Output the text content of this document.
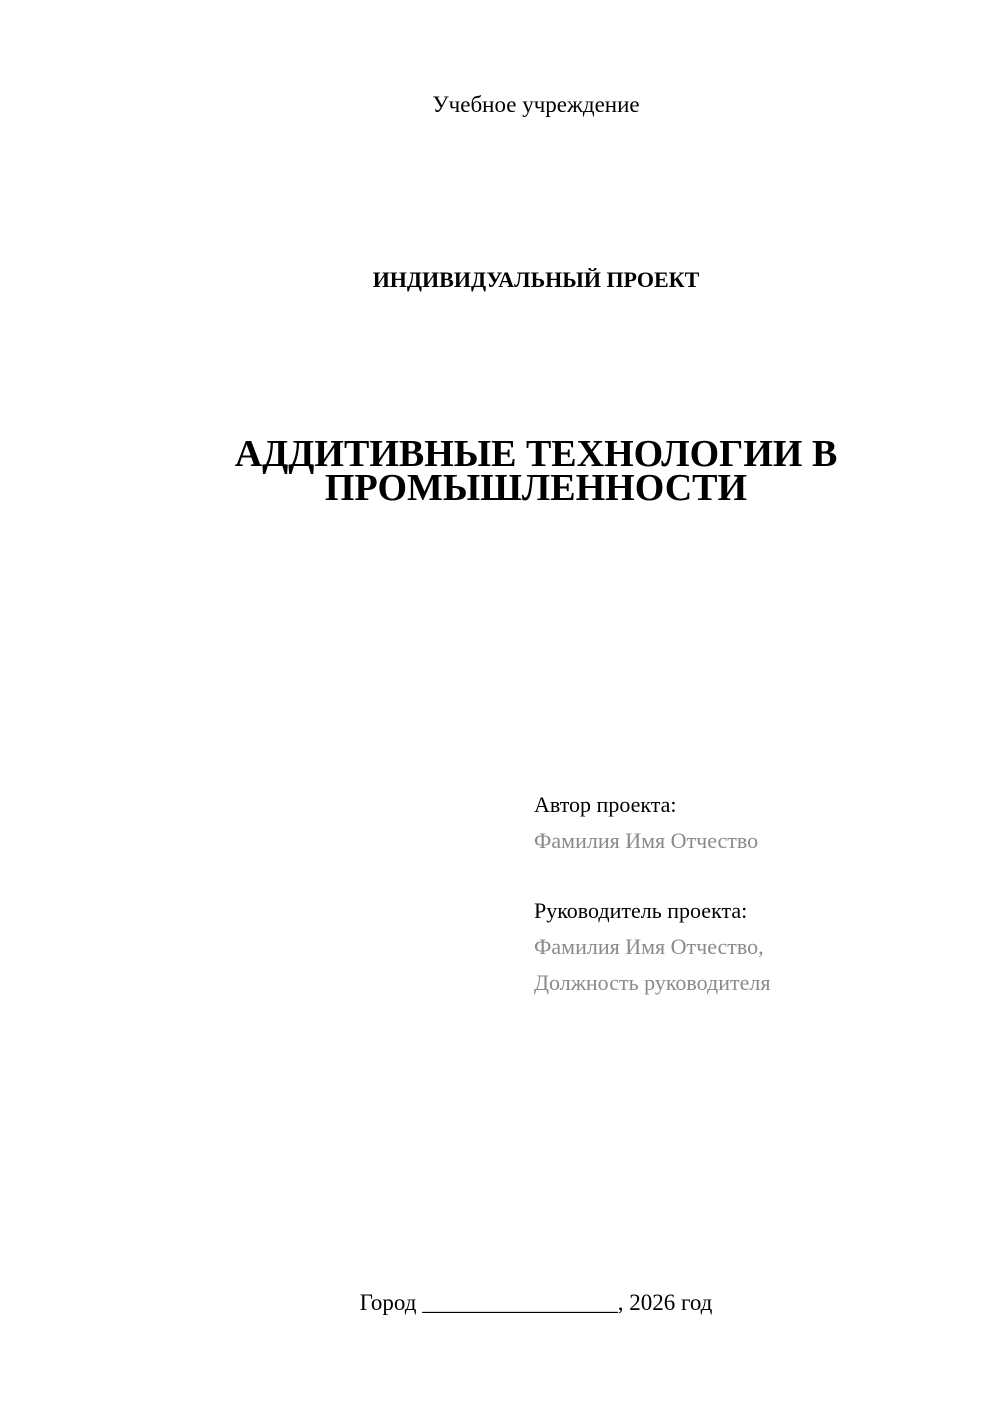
Учебное учреждение
ИНДИВИДУАЛЬНЫЙ ПРОЕКТ
АДДИТИВНЫЕ ТЕХНОЛОГИИ В
ПРОМЫШЛЕННОСТИ
Автор проекта:
Фамилия Имя Отчество
Руководитель проекта:
Фамилия Имя Отчество,
Должность руководителя
Город _________________, 2026 год
